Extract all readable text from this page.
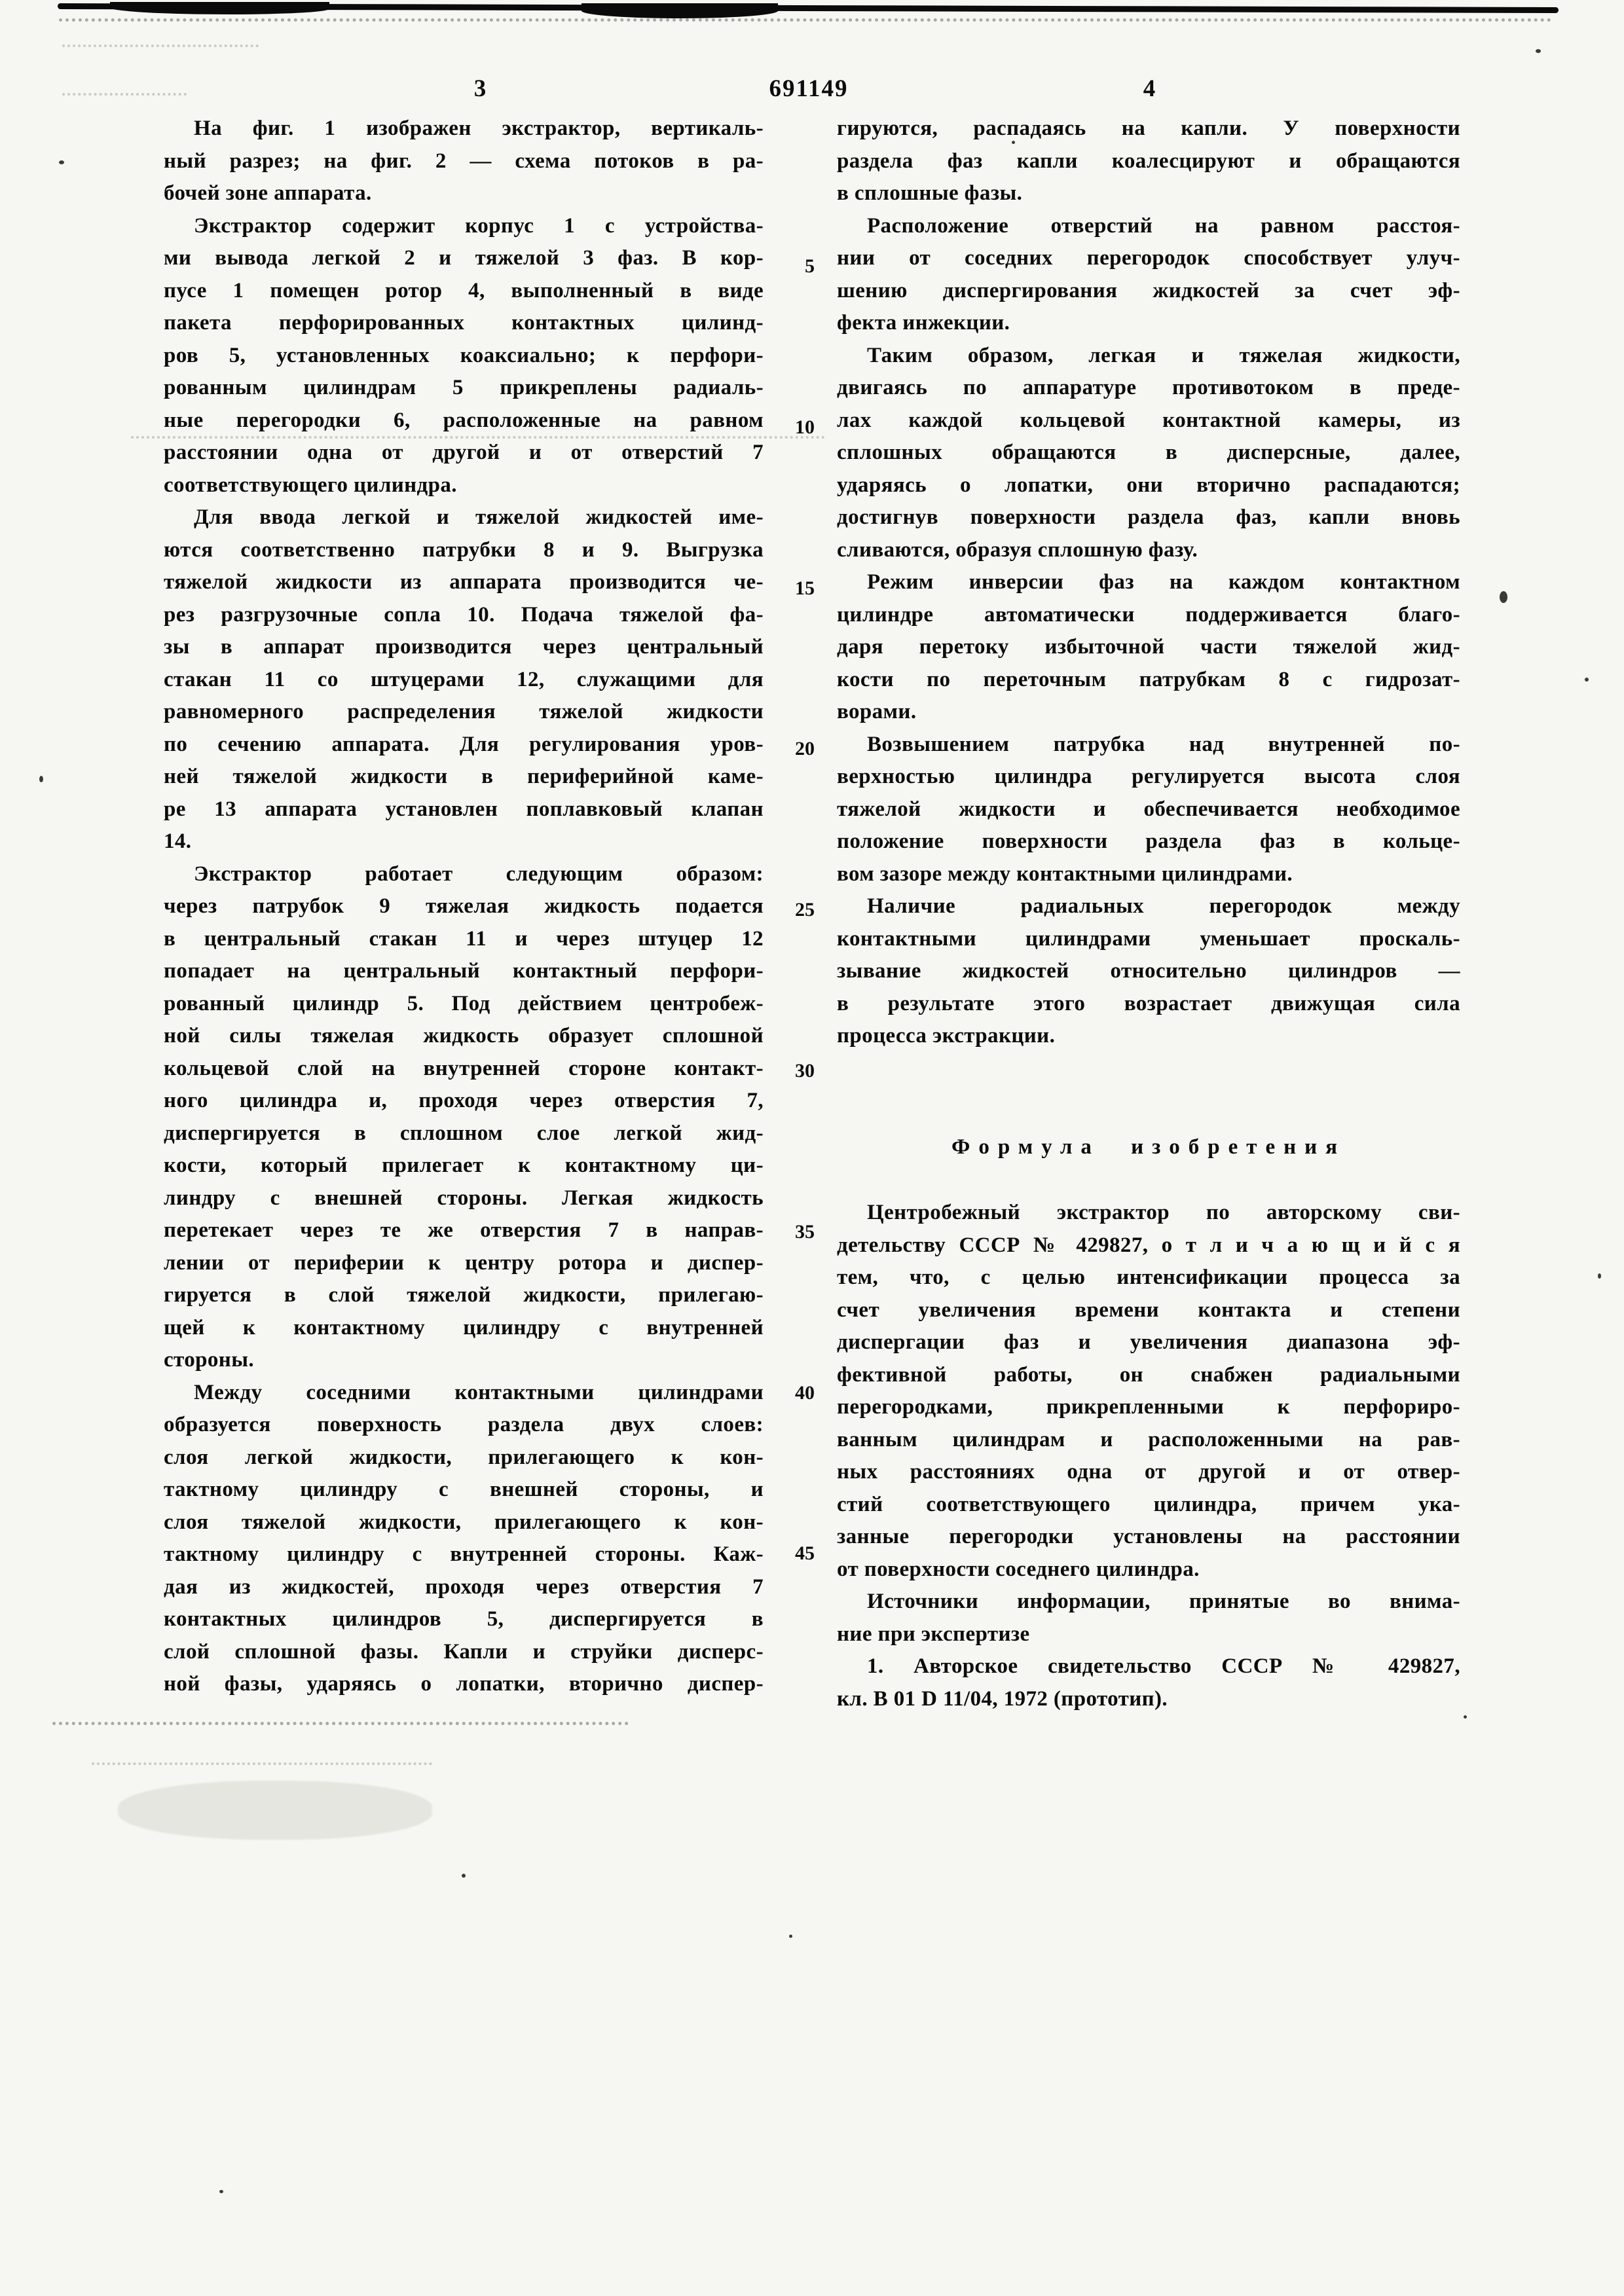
3	691149	4
На фиг. 1 изображен экстрактор, вертикаль-
ный разрез; на фиг. 2 — схема потоков в ра-
бочей зоне аппарата.
Экстрактор содержит корпус 1 с устройства-
ми вывода легкой 2 и тяжелой 3 фаз. В кор-
пусе 1 помещен ротор 4, выполненный в виде
пакета перфорированных контактных цилинд-
ров 5, установленных коаксиально; к перфори-
рованным цилиндрам 5 прикреплены радиаль-
ные перегородки 6, расположенные на равном
расстоянии одна от другой и от отверстий 7
соответствующего цилиндра.
Для ввода легкой и тяжелой жидкостей име-
ются соответственно патрубки 8 и 9. Выгрузка
тяжелой жидкости из аппарата производится че-
рез разгрузочные сопла 10. Подача тяжелой фа-
зы в аппарат производится через центральный
стакан 11 со штуцерами 12, служащими для
равномерного распределения тяжелой жидкости
по сечению аппарата. Для регулирования уров-
ней тяжелой жидкости в периферийной каме-
ре 13 аппарата установлен поплавковый клапан
14.
Экстрактор работает следующим образом:
через патрубок 9 тяжелая жидкость подается
в центральный стакан 11 и через штуцер 12
попадает на центральный контактный перфори-
рованный цилиндр 5. Под действием центробеж-
ной силы тяжелая жидкость образует сплошной
кольцевой слой на внутренней стороне контакт-
ного цилиндра и, проходя через отверстия 7,
диспергируется в сплошном слое легкой жид-
кости, который прилегает к контактному ци-
линдру с внешней стороны. Легкая жидкость
перетекает через те же отверстия 7 в направ-
лении от периферии к центру ротора и диспер-
гируется в слой тяжелой жидкости, прилегаю-
щей к контактному цилиндру с внутренней
стороны.
Между соседними контактными цилиндрами
образуется поверхность раздела двух слоев:
слоя легкой жидкости, прилегающего к кон-
тактному цилиндру с внешней стороны, и
слоя тяжелой жидкости, прилегающего к кон-
тактному цилиндру с внутренней стороны. Каж-
дая из жидкостей, проходя через отверстия 7
контактных цилиндров 5, диспергируется в
слой сплошной фазы. Капли и струйки дисперс-
ной фазы, ударяясь о лопатки, вторично диспер-
гируются, распадаясь на капли. У поверхности
раздела фаз капли коалесцируют и обращаются
в сплошные фазы.
Расположение отверстий на равном расстоя-
нии от соседних перегородок способствует улуч-
шению диспергирования жидкостей за счет эф-
фекта инжекции.
Таким образом, легкая и тяжелая жидкости,
двигаясь по аппаратуре противотоком в преде-
лах каждой кольцевой контактной камеры, из
сплошных обращаются в дисперсные, далее,
ударяясь о лопатки, они вторично распадаются;
достигнув поверхности раздела фаз, капли вновь
сливаются, образуя сплошную фазу.
Режим инверсии фаз на каждом контактном
цилиндре автоматически поддерживается благо-
даря перетоку избыточной части тяжелой жид-
кости по переточным патрубкам 8 с гидрозат-
ворами.
Возвышением патрубка над внутренней по-
верхностью цилиндра регулируется высота слоя
тяжелой жидкости и обеспечивается необходимое
положение поверхности раздела фаз в кольце-
вом зазоре между контактными цилиндрами.
Наличие радиальных перегородок между
контактными цилиндрами уменьшает проскаль-
зывание жидкостей относительно цилиндров —
в результате этого возрастает движущая сила
процесса экстракции.
Формула изобретения
Центробежный экстрактор по авторскому сви-
детельству СССР № 429827, о т л и ч а ю щ и й с я
тем, что, с целью интенсификации процесса за
счет увеличения времени контакта и степени
диспергации фаз и увеличения диапазона эф-
фективной работы, он снабжен радиальными
перегородками, прикрепленными к перфориро-
ванным цилиндрам и расположенными на рав-
ных расстояниях одна от другой и от отвер-
стий соответствующего цилиндра, причем ука-
занные перегородки установлены на расстоянии
от поверхности соседнего цилиндра.
Источники информации, принятые во внима-
ние при экспертизе
1. Авторское свидетельство СССР № 429827,
кл. B 01 D 11/04, 1972 (прототип).
5
10
15
20
25
30
35
40
45
